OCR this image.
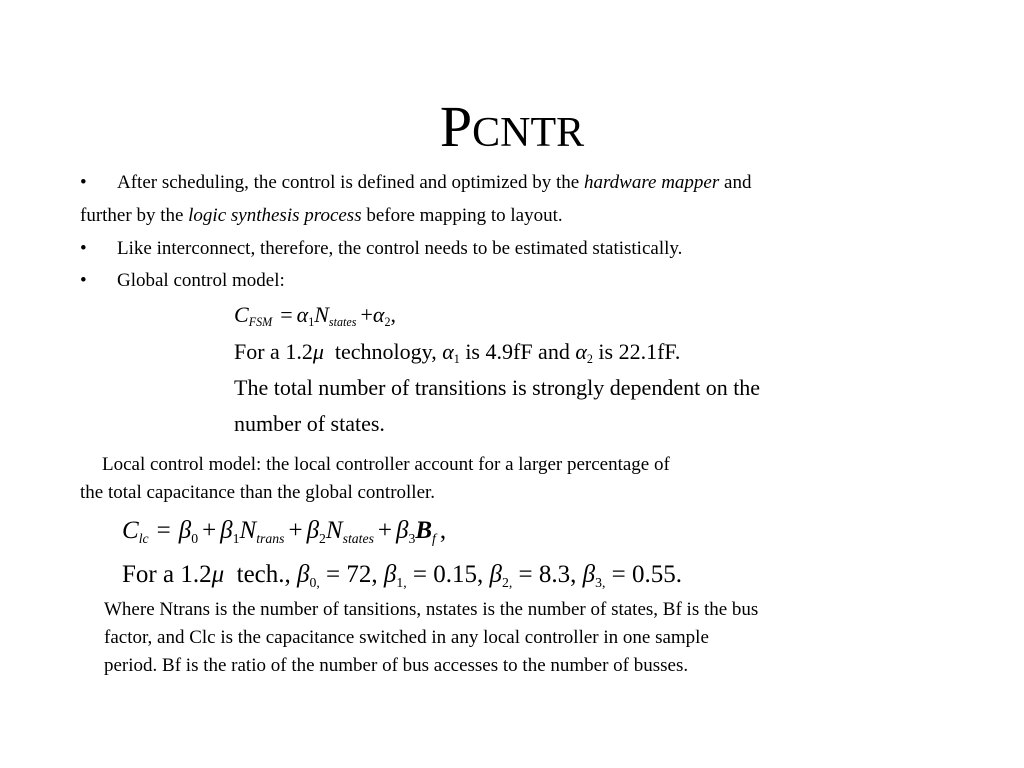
PCNTR
• After scheduling, the control is defined and optimized by the hardware mapper and
further by the logic synthesis process before mapping to layout.
• Like interconnect, therefore, the control needs to be estimated statistically.
• Global control model:
$C_{FSM} = \alpha_1N_{states} +\alpha_2$,
For a 1.2μ  technology, $\alpha_1$ is 4.9fF and $\alpha_2$ is 22.1fF.
The total number of transitions is strongly dependent on the
number of states.
Local control model: the local controller account for a larger percentage of
the total capacitance than the global controller.
$C_{lc} = \beta_0 + \beta_1N_{trans} + \beta_2N_{states} + \beta_3B_f$ ,
For a 1.2μ  tech., $\beta_{0,} = 72$, $\beta_{1,} = 0.15$, $\beta_{2,} = 8.3$, $\beta_{3,} = 0.55$.
Where Ntrans is the number of tansitions, nstates is the number of states, Bf is the bus
factor, and Clc is the capacitance switched in any local controller in one sample
period. Bf is the ratio of the number of bus accesses to the number of busses.
